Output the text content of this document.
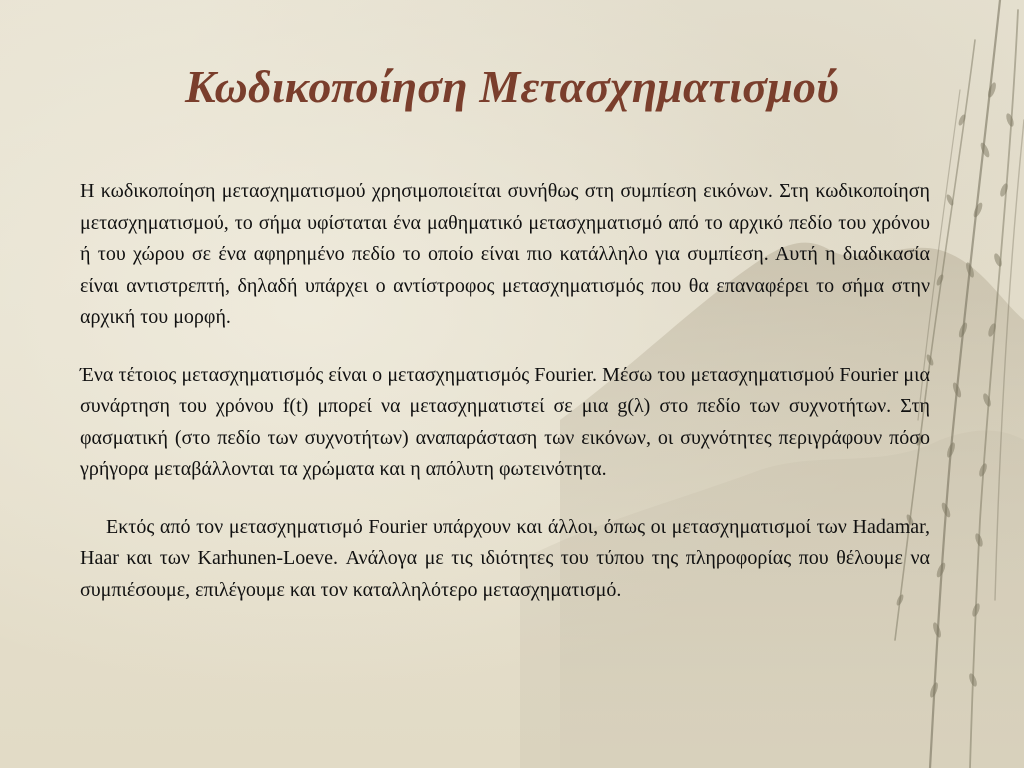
Κωδικοποίηση Μετασχηματισμού

Η κωδικοποίηση μετασχηματισμού χρησιμοποιείται συνήθως στη συμπίεση εικόνων. Στη κωδικοποίηση μετασχηματισμού, το σήμα υφίσταται ένα μαθηματικό μετασχηματισμό από το αρχικό πεδίο του χρόνου ή του χώρου σε ένα αφηρημένο πεδίο το οποίο είναι πιο κατάλληλο για συμπίεση. Αυτή η διαδικασία είναι αντιστρεπτή, δηλαδή υπάρχει ο αντίστροφος μετασχηματισμός που θα επαναφέρει το σήμα στην αρχική του μορφή.

Ένα τέτοιος μετασχηματισμός είναι ο μετασχηματισμός Fourier. Μέσω του μετασχηματισμού Fourier μια συνάρτηση του χρόνου f(t) μπορεί να μετασχηματιστεί σε μια g(λ) στο πεδίο των συχνοτήτων. Στη φασματική (στο πεδίο των συχνοτήτων) αναπαράσταση των εικόνων, οι συχνότητες περιγράφουν πόσο γρήγορα μεταβάλλονται τα χρώματα και η απόλυτη φωτεινότητα.

Εκτός από τον μετασχηματισμό Fourier υπάρχουν και άλλοι, όπως οι μετασχηματισμοί των Hadamar, Haar και των Karhunen-Loeve. Ανάλογα με τις ιδιότητες του τύπου της πληροφορίας που θέλουμε να συμπιέσουμε, επιλέγουμε και τον καταλληλότερο μετασχηματισμό.
